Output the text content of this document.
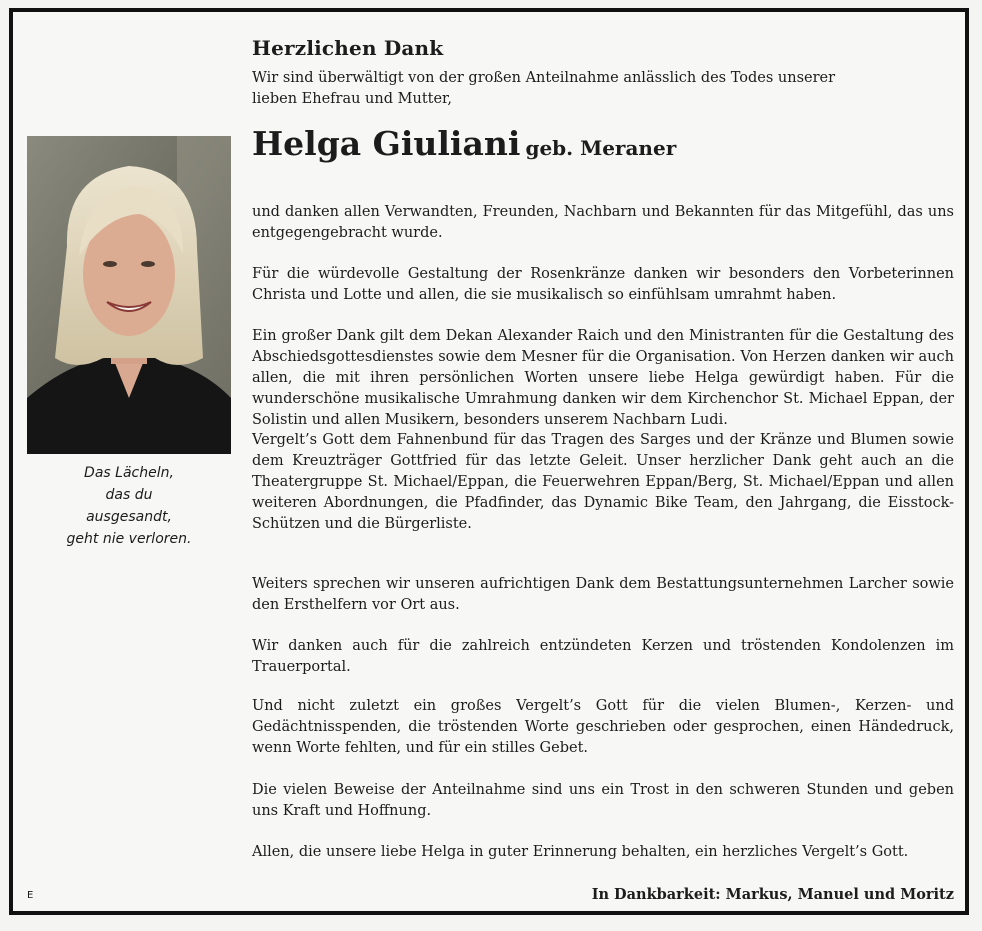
Herzlichen Dank
Wir sind überwältigt von der großen Anteilnahme anlässlich des Todes unserer lieben Ehefrau und Mutter,
Helga Giuliani geb. Meraner
Das Lächeln,
das du
ausgesandt,
geht nie verloren.

und danken allen Verwandten, Freunden, Nachbarn und Bekannten für das Mitgefühl, das uns entgegengebracht wurde.

Für die würdevolle Gestaltung der Rosenkränze danken wir besonders den Vorbeterinnen Christa und Lotte und allen, die sie musikalisch so einfühlsam umrahmt haben.

Ein großer Dank gilt dem Dekan Alexander Raich und den Ministranten für die Gestaltung des Abschiedsgottesdienstes sowie dem Mesner für die Organisation. Von Herzen danken wir auch allen, die mit ihren persönlichen Worten unsere liebe Helga gewürdigt haben. Für die wunderschöne musikalische Umrahmung danken wir dem Kirchenchor St. Michael Eppan, der Solistin und allen Musikern, besonders unserem Nachbarn Ludi.

Vergelt’s Gott dem Fahnenbund für das Tragen des Sarges und der Kränze und Blumen sowie dem Kreuzträger Gottfried für das letzte Geleit. Unser herzlicher Dank geht auch an die Theatergruppe St. Michael/Eppan, die Feuerwehren Eppan/Berg, St. Michael/Eppan und allen weiteren Abordnungen, die Pfadfinder, das Dynamic Bike Team, den Jahrgang, die Eisstock-Schützen und die Bürgerliste.

Weiters sprechen wir unseren aufrichtigen Dank dem Bestattungsunternehmen Larcher sowie den Ersthelfern vor Ort aus.

Wir danken auch für die zahlreich entzündeten Kerzen und tröstenden Kondolenzen im Trauerportal.

Und nicht zuletzt ein großes Vergelt’s Gott für die vielen Blumen-, Kerzen- und Gedächtnisspenden, die tröstenden Worte geschrieben oder gesprochen, einen Händedruck, wenn Worte fehlten, und für ein stilles Gebet.

Die vielen Beweise der Anteilnahme sind uns ein Trost in den schweren Stunden und geben uns Kraft und Hoffnung.

Allen, die unsere liebe Helga in guter Erinnerung behalten, ein herzliches Vergelt’s Gott.

E	In Dankbarkeit: Markus, Manuel und Moritz
